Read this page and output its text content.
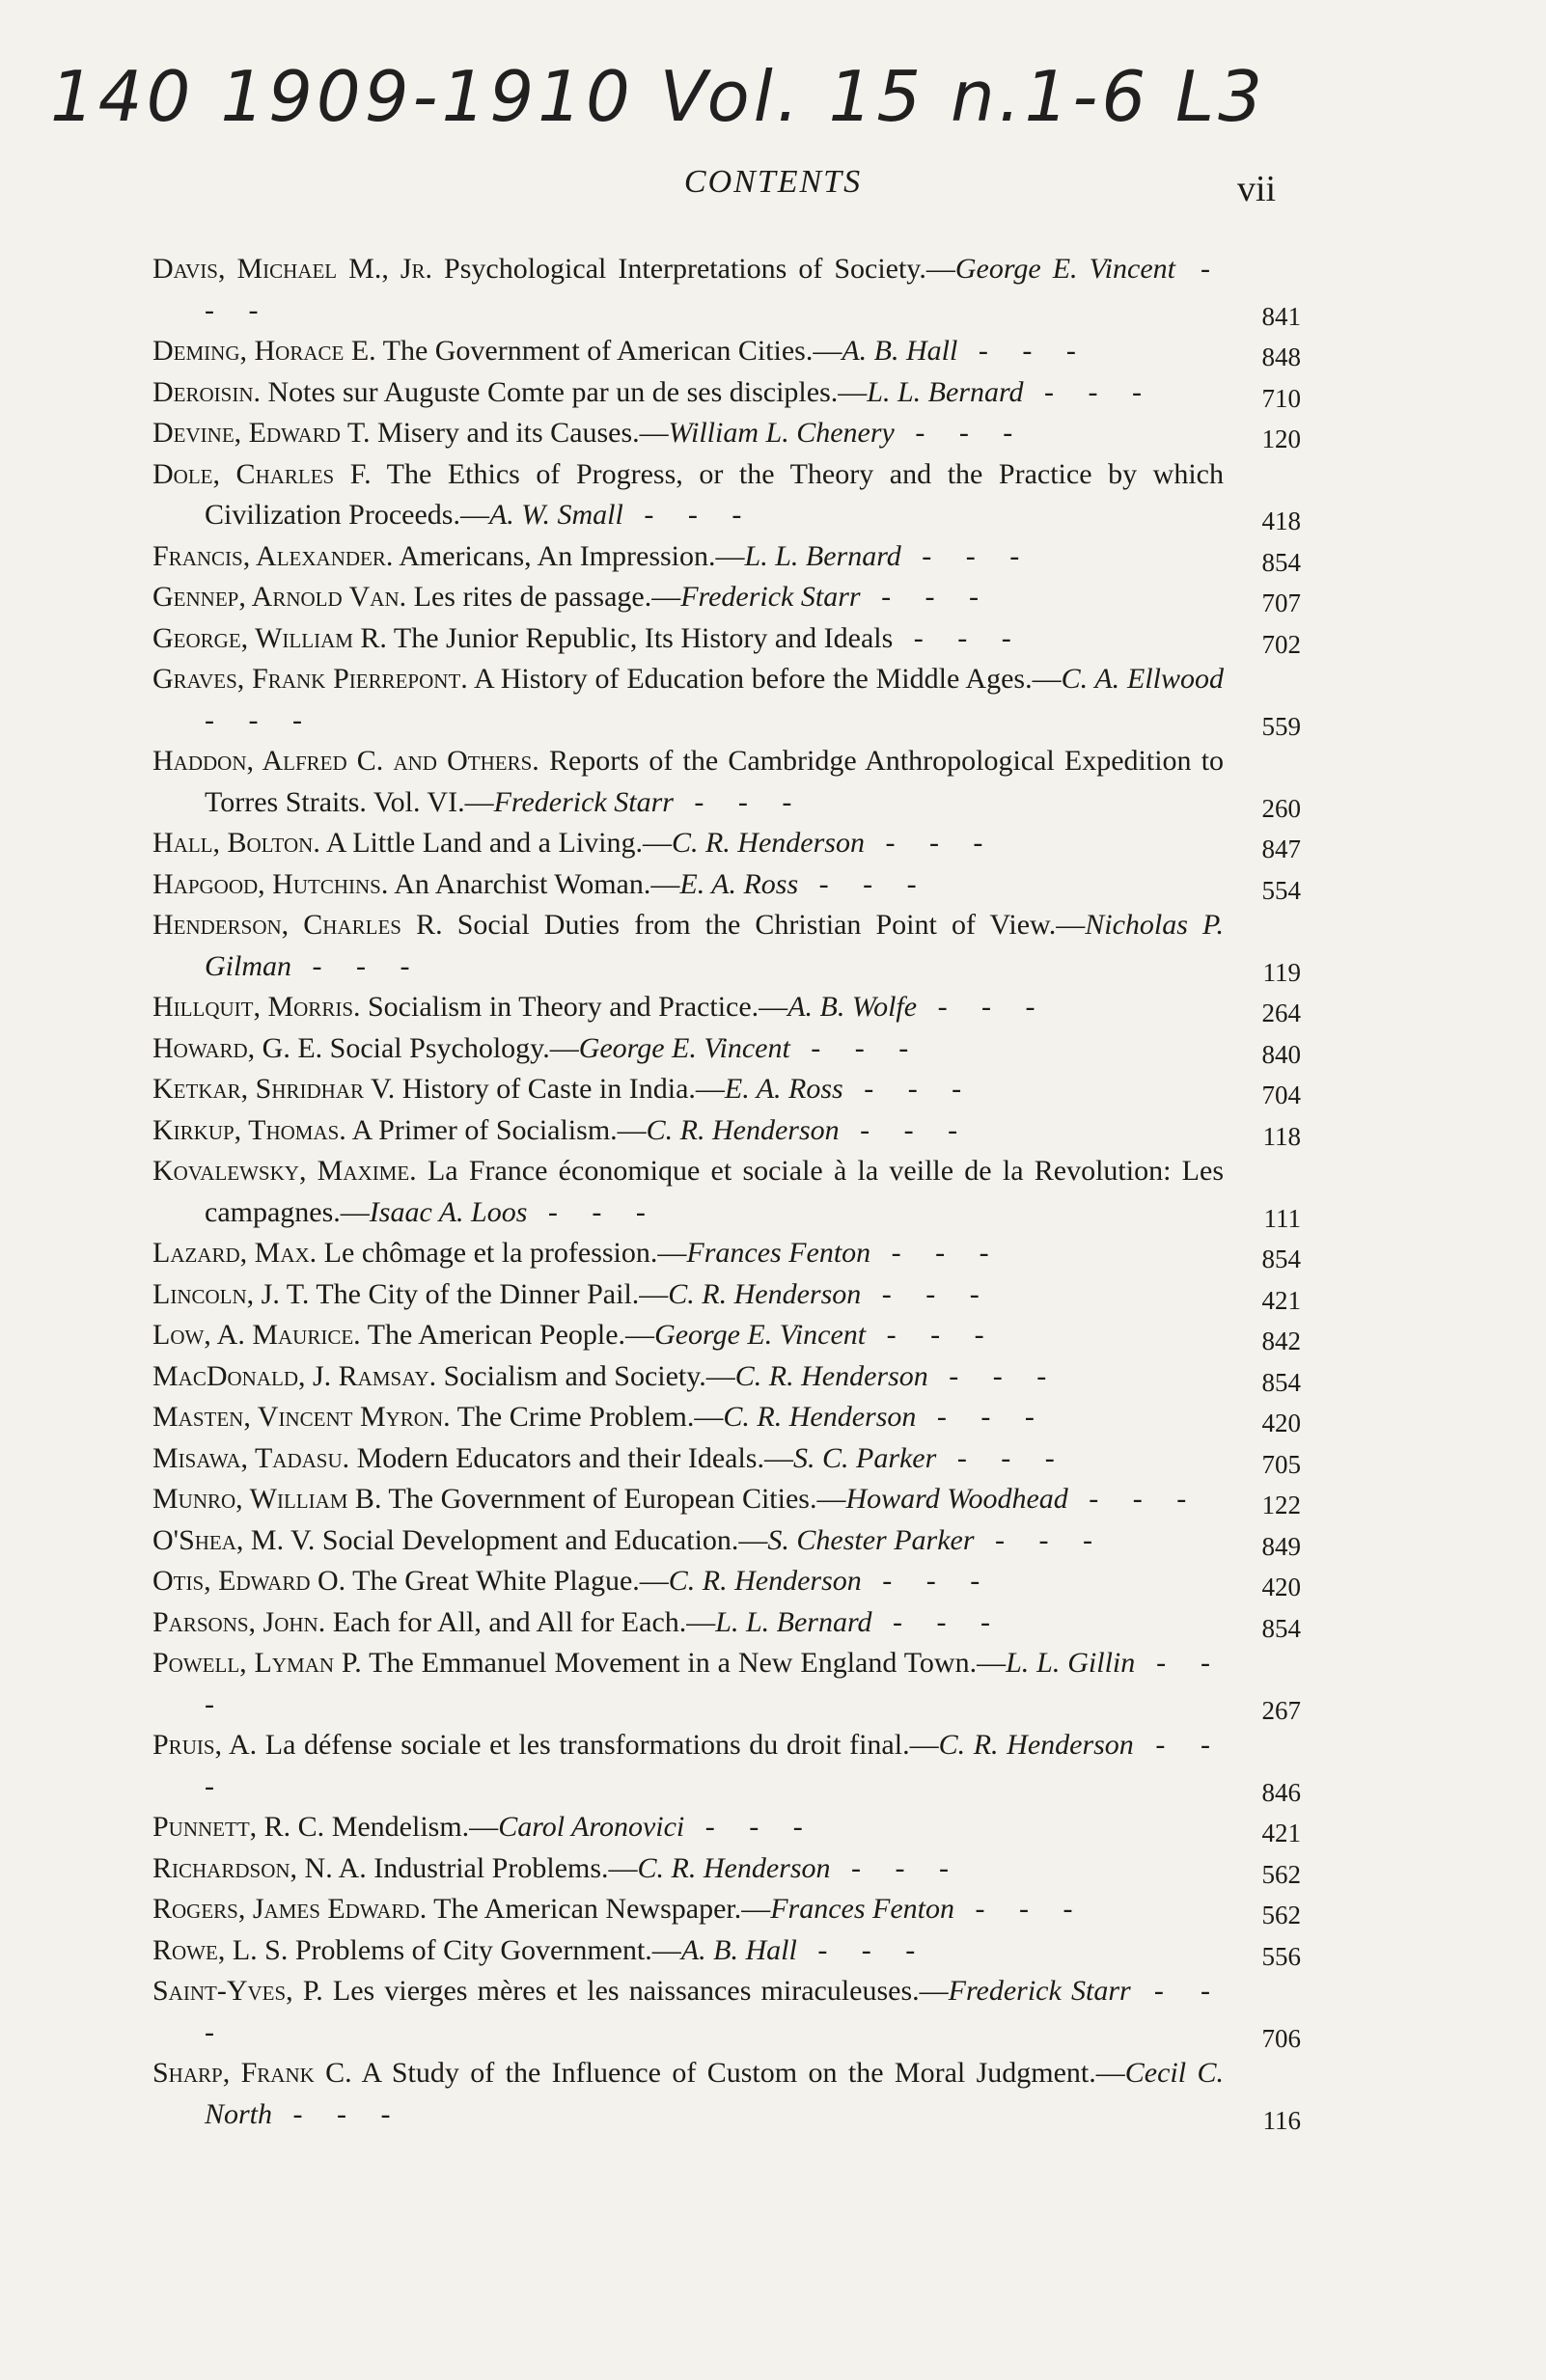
140 1909-1910 Vol. 15 n.1-6 L3
CONTENTS	vii
Davis, Michael M., Jr. Psychological Interpretations of Society.—George E. Vincent - - -	841
Deming, Horace E. The Government of American Cities.—A. B. Hall - - -	848
Deroisin. Notes sur Auguste Comte par un de ses disciples.—L. L. Bernard - - -	710
Devine, Edward T. Misery and its Causes.—William L. Chenery - - -	120
Dole, Charles F. The Ethics of Progress, or the Theory and the Practice by which Civilization Proceeds.—A. W. Small - - -	418
Francis, Alexander. Americans, An Impression.—L. L. Bernard - - -	854
Gennep, Arnold Van. Les rites de passage.—Frederick Starr - - -	707
George, William R. The Junior Republic, Its History and Ideals - - -	702
Graves, Frank Pierrepont. A History of Education before the Middle Ages.—C. A. Ellwood - - -	559
Haddon, Alfred C. and Others. Reports of the Cambridge Anthropological Expedition to Torres Straits. Vol. VI.—Frederick Starr - - -	260
Hall, Bolton. A Little Land and a Living.—C. R. Henderson - - -	847
Hapgood, Hutchins. An Anarchist Woman.—E. A. Ross - - -	554
Henderson, Charles R. Social Duties from the Christian Point of View.—Nicholas P. Gilman - - -	119
Hillquit, Morris. Socialism in Theory and Practice.—A. B. Wolfe - - -	264
Howard, G. E. Social Psychology.—George E. Vincent - - -	840
Ketkar, Shridhar V. History of Caste in India.—E. A. Ross - - -	704
Kirkup, Thomas. A Primer of Socialism.—C. R. Henderson - - -	118
Kovalewsky, Maxime. La France économique et sociale à la veille de la Revolution: Les campagnes.—Isaac A. Loos - - -	111
Lazard, Max. Le chômage et la profession.—Frances Fenton - - -	854
Lincoln, J. T. The City of the Dinner Pail.—C. R. Henderson - - -	421
Low, A. Maurice. The American People.—George E. Vincent - - -	842
MacDonald, J. Ramsay. Socialism and Society.—C. R. Henderson - - -	854
Masten, Vincent Myron. The Crime Problem.—C. R. Henderson - - -	420
Misawa, Tadasu. Modern Educators and their Ideals.—S. C. Parker - - -	705
Munro, William B. The Government of European Cities.—Howard Woodhead - - -	122
O'Shea, M. V. Social Development and Education.—S. Chester Parker - - -	849
Otis, Edward O. The Great White Plague.—C. R. Henderson - - -	420
Parsons, John. Each for All, and All for Each.—L. L. Bernard - - -	854
Powell, Lyman P. The Emmanuel Movement in a New England Town.—L. L. Gillin - - -	267
Pruis, A. La défense sociale et les transformations du droit final.—C. R. Henderson - - -	846
Punnett, R. C. Mendelism.—Carol Aronovici - - -	421
Richardson, N. A. Industrial Problems.—C. R. Henderson - - -	562
Rogers, James Edward. The American Newspaper.—Frances Fenton - - -	562
Rowe, L. S. Problems of City Government.—A. B. Hall - - -	556
Saint-Yves, P. Les vierges mères et les naissances miraculeuses.—Frederick Starr - - -	706
Sharp, Frank C. A Study of the Influence of Custom on the Moral Judgment.—Cecil C. North - - -	116
